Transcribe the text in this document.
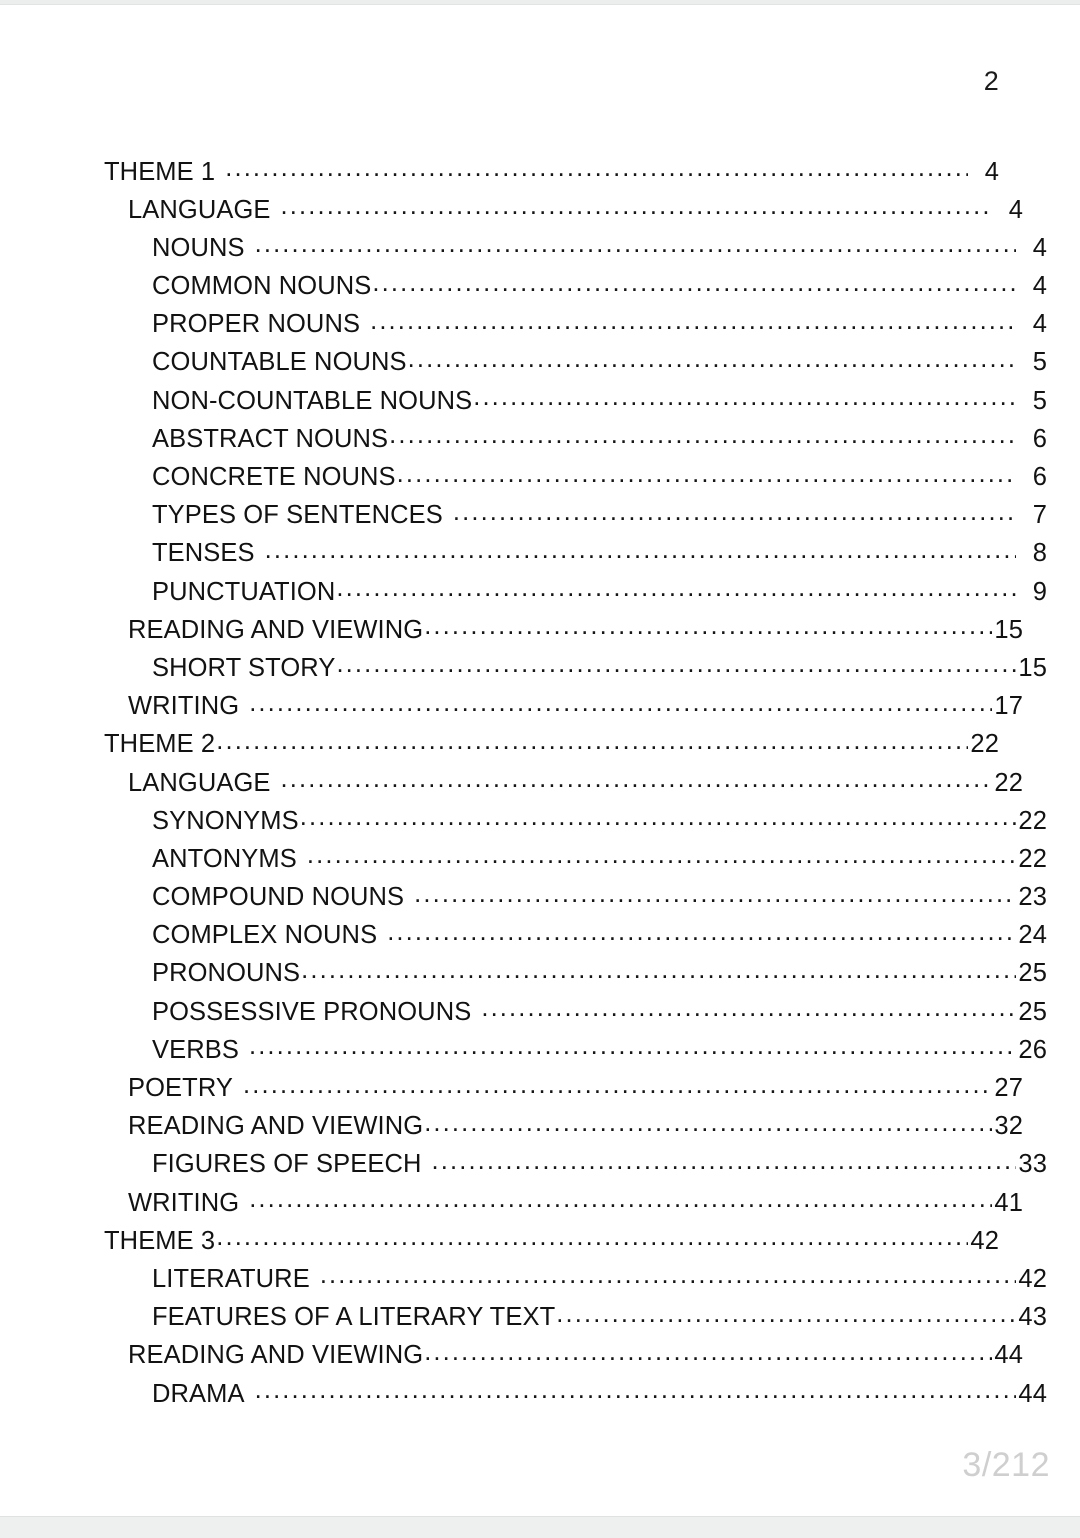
2
THEME 1 .....	4
LANGUAGE .....	4
NOUNS .....	4
COMMON NOUNS .....	4
PROPER NOUNS .....	4
COUNTABLE NOUNS .....	5
NON-COUNTABLE NOUNS .....	5
ABSTRACT NOUNS .....	6
CONCRETE NOUNS .....	6
TYPES OF SENTENCES .....	7
TENSES .....	8
PUNCTUATION .....	9
READING AND VIEWING .....	15
SHORT STORY .....	15
WRITING .....	17
THEME 2 .....	22
LANGUAGE .....	22
SYNONYMS .....	22
ANTONYMS .....	22
COMPOUND NOUNS .....	23
COMPLEX NOUNS .....	24
PRONOUNS .....	25
POSSESSIVE PRONOUNS .....	25
VERBS .....	26
POETRY .....	27
READING AND VIEWING .....	32
FIGURES OF SPEECH .....	33
WRITING .....	41
THEME 3 .....	42
LITERATURE .....	42
FEATURES OF A LITERARY TEXT .....	43
READING AND VIEWING .....	44
DRAMA .....	44
3/212
